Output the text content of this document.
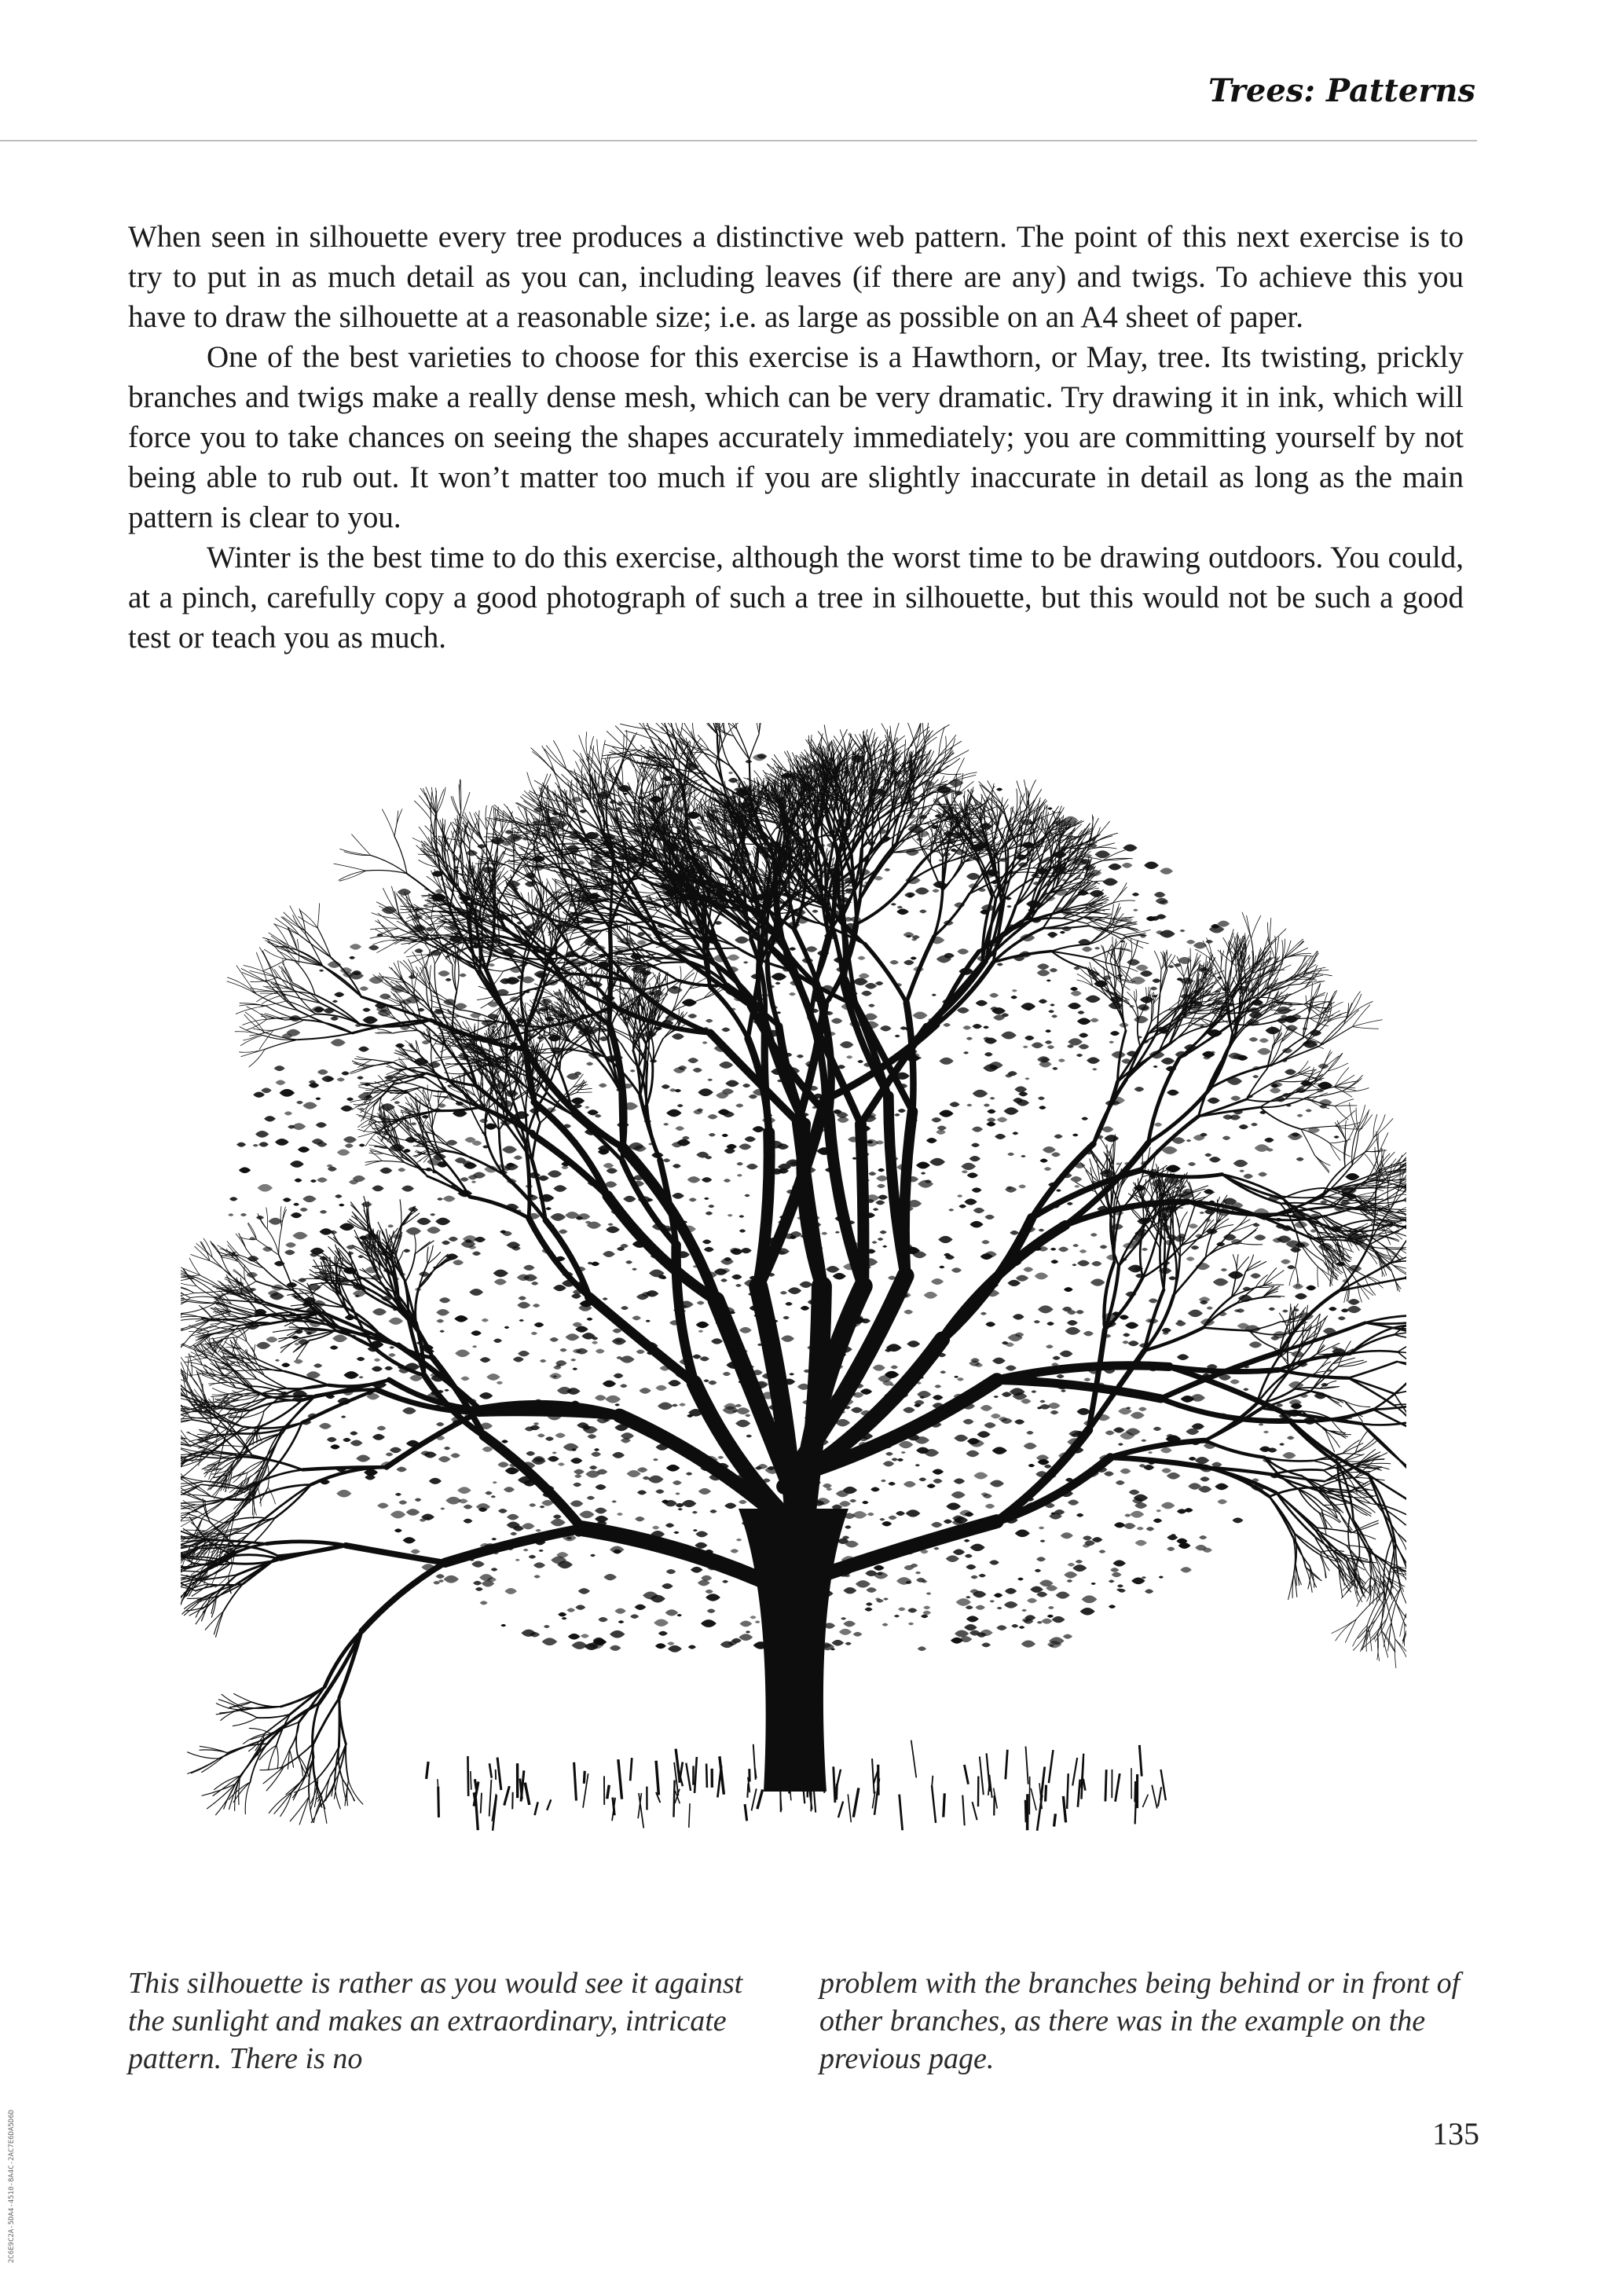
Trees: Patterns

When seen in silhouette every tree produces a distinctive web pattern. The point of this next exercise is to try to put in as much detail as you can, including leaves (if there are any) and twigs. To achieve this you have to draw the silhouette at a reasonable size; i.e. as large as possible on an A4 sheet of paper.

One of the best varieties to choose for this exercise is a Hawthorn, or May, tree. Its twisting, prickly branches and twigs make a really dense mesh, which can be very dramatic. Try drawing it in ink, which will force you to take chances on seeing the shapes accurately immediately; you are committing yourself by not being able to rub out. It won’t matter too much if you are slightly inaccurate in detail as long as the main pattern is clear to you.

Winter is the best time to do this exercise, although the worst time to be drawing outdoors. You could, at a pinch, carefully copy a good photograph of such a tree in silhouette, but this would not be such a good test or teach you as much.

This silhouette is rather as you would see it against the sunlight and makes an extraordinary, intricate pattern. There is no

problem with the branches being behind or in front of other branches, as there was in the example on the previous page.

135
2C6E9C2A-5DA4-4510-8A4C-2AC7E6DA5D6D
